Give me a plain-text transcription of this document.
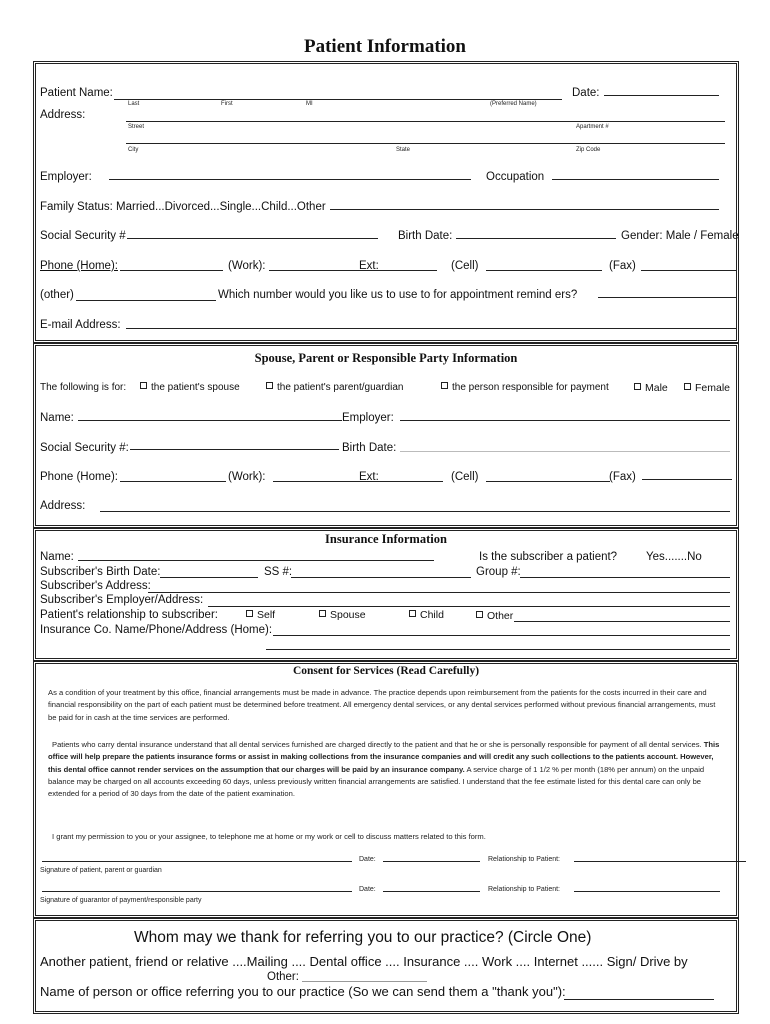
Patient Information
Patient Name:	Date:
Last	First	MI	(Preferred Name)
Address:
Street	Apartment #
City	State	Zip Code
Employer:	Occupation
Family Status: Married...Divorced...Single...Child...Other
Social Security #	Birth Date:	Gender: Male / Female
Phone (Home):	(Work):	Ext:	(Cell)	(Fax)
(other)	Which number would you like us to use to for appointment remind ers?
E-mail Address:
Spouse, Parent or Responsible Party Information
The following is for:	the patient's spouse	the patient's parent/guardian	the person responsible for payment	Male	Female
Name:	Employer:
Social Security #:	Birth Date:
Phone (Home):	(Work):	Ext:	(Cell)	(Fax)
Address:
Insurance Information
Name:	Is the subscriber a patient?	Yes.......No
Subscriber's Birth Date:	SS #:	Group #:
Subscriber's Address:
Subscriber's Employer/Address:
Patient's relationship to subscriber:	Self	Spouse	Child	Other
Insurance Co. Name/Phone/Address (Home):
Consent for Services (Read Carefully)
As a condition of your treatment by this office, financial arrangements must be made in advance. The practice depends upon reimbursement from the patients for the costs incurred in their care and financial responsibility on the part of each patient must be determined before treatment. All emergency dental services, or any dental services performed without previous financial arrangements, must be paid for in cash at the time services are performed.
Patients who carry dental insurance understand that all dental services furnished are charged directly to the patient and that he or she is personally responsible for payment of all dental services. This office will help prepare the patients insurance forms or assist in making collections from the insurance companies and will credit any such collections to the patients account. However, this dental office cannot render services on the assumption that our charges will be paid by an insurance company. A service charge of 1 1/2 % per month (18% per annum) on the unpaid balance may be charged on all accounts exceeding 60 days, unless previously written financial arrangements are satisfied. I understand that the fee estimate listed for this dental care can only be extended for a period of 30 days from the date of the patient examination.
I grant my permission to you or your assignee, to telephone me at home or my work or cell to discuss matters related to this form.
Date:	Relationship to Patient:
Signature of patient, parent or guardian
Date:	Relationship to Patient:
Signature of guarantor of payment/responsible party
Whom may we thank for referring you to our practice? (Circle One)
Another patient, friend or relative ....Mailing .... Dental office .... Insurance .... Work .... Internet ...... Sign/ Drive by
Other:
Name of person or office referring you to our practice (So we can send them a "thank you"):
